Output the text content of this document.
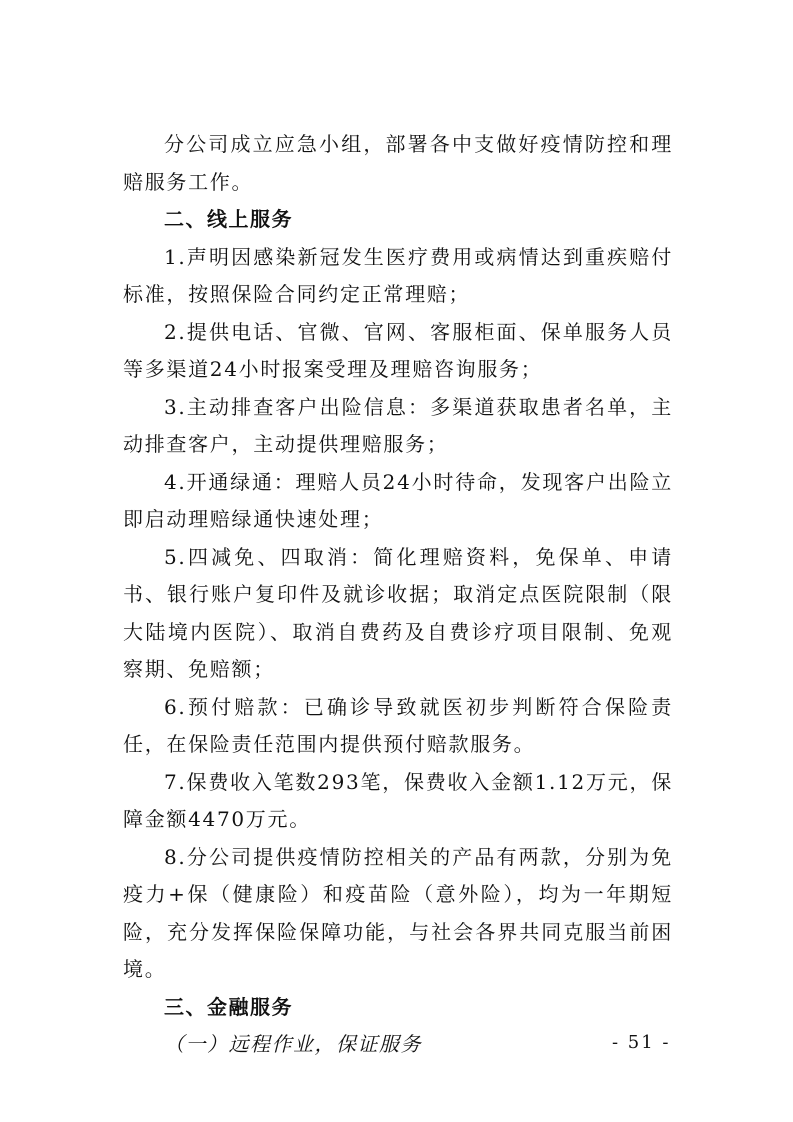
分公司成立应急小组，部署各中支做好疫情防控和理赔服务工作。

二、线上服务

1.声明因感染新冠发生医疗费用或病情达到重疾赔付标准，按照保险合同约定正常理赔；

2.提供电话、官微、官网、客服柜面、保单服务人员等多渠道24小时报案受理及理赔咨询服务；

3.主动排查客户出险信息：多渠道获取患者名单，主动排查客户，主动提供理赔服务；

4.开通绿通：理赔人员24小时待命，发现客户出险立即启动理赔绿通快速处理；

5.四减免、四取消：简化理赔资料，免保单、申请书、银行账户复印件及就诊收据；取消定点医院限制（限大陆境内医院）、取消自费药及自费诊疗项目限制、免观察期、免赔额；

6.预付赔款：已确诊导致就医初步判断符合保险责任，在保险责任范围内提供预付赔款服务。

7.保费收入笔数293笔，保费收入金额1.12万元，保障金额4470万元。

8.分公司提供疫情防控相关的产品有两款，分别为免疫力+保（健康险）和疫苗险（意外险），均为一年期短险，充分发挥保险保障功能，与社会各界共同克服当前困境。

三、金融服务

（一）远程作业，保证服务	- 51 -
